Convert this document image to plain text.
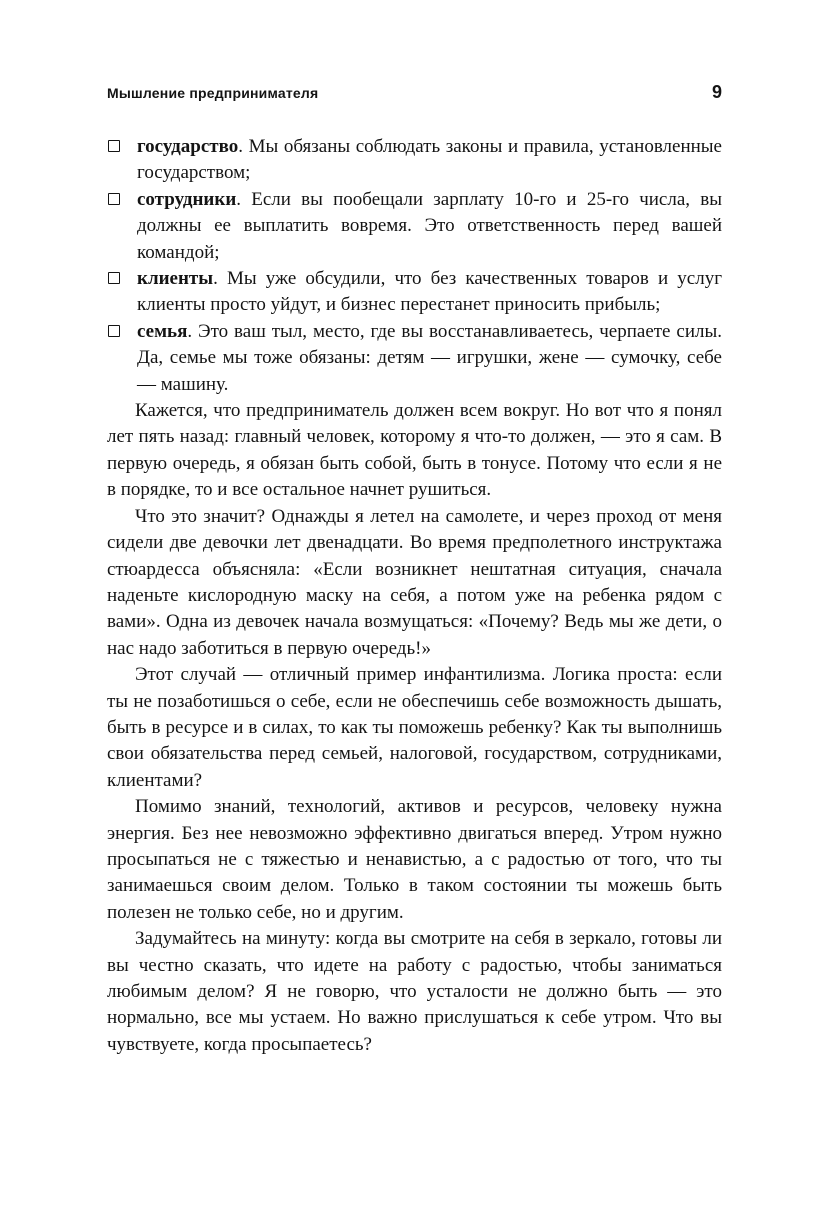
Мышление предпринимателя	9
государство. Мы обязаны соблюдать законы и правила, установленные государством;
сотрудники. Если вы пообещали зарплату 10-го и 25-го числа, вы должны ее выплатить вовремя. Это ответственность перед вашей командой;
клиенты. Мы уже обсудили, что без качественных товаров и услуг клиенты просто уйдут, и бизнес перестанет приносить прибыль;
семья. Это ваш тыл, место, где вы восстанавливаетесь, черпаете силы. Да, семье мы тоже обязаны: детям — игрушки, жене — сумочку, себе — машину.

Кажется, что предприниматель должен всем вокруг. Но вот что я понял лет пять назад: главный человек, которому я что-то должен, — это я сам. В первую очередь, я обязан быть собой, быть в тонусе. Потому что если я не в порядке, то и все остальное начнет рушиться.

Что это значит? Однажды я летел на самолете, и через проход от меня сидели две девочки лет двенадцати. Во время предполетного инструктажа стюардесса объясняла: «Если возникнет нештатная ситуация, сначала наденьте кислородную маску на себя, а потом уже на ребенка рядом с вами». Одна из девочек начала возмущаться: «Почему? Ведь мы же дети, о нас надо заботиться в первую очередь!»

Этот случай — отличный пример инфантилизма. Логика проста: если ты не позаботишься о себе, если не обеспечишь себе возможность дышать, быть в ресурсе и в силах, то как ты поможешь ребенку? Как ты выполнишь свои обязательства перед семьей, налоговой, государством, сотрудниками, клиентами?

Помимо знаний, технологий, активов и ресурсов, человеку нужна энергия. Без нее невозможно эффективно двигаться вперед. Утром нужно просыпаться не с тяжестью и ненавистью, а с радостью от того, что ты занимаешься своим делом. Только в таком состоянии ты можешь быть полезен не только себе, но и другим.

Задумайтесь на минуту: когда вы смотрите на себя в зеркало, готовы ли вы честно сказать, что идете на работу с радостью, чтобы заниматься любимым делом? Я не говорю, что усталости не должно быть — это нормально, все мы устаем. Но важно прислушаться к себе утром. Что вы чувствуете, когда просыпаетесь?
